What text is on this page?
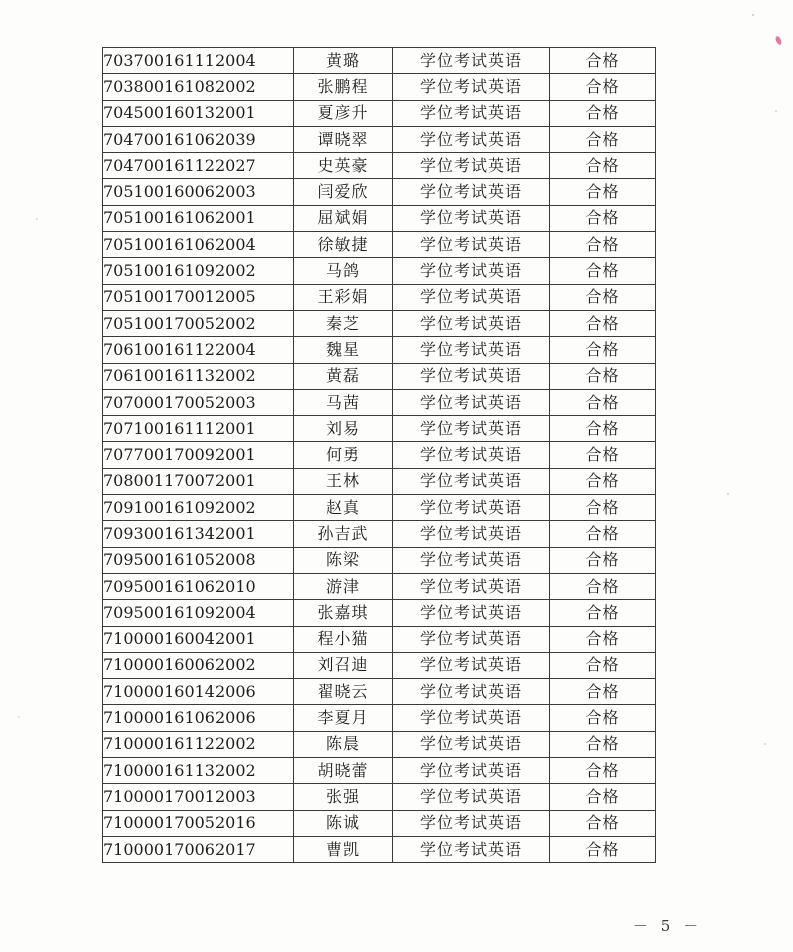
703700161112004	黄璐	学位考试英语	合格
703800161082002	张鹏程	学位考试英语	合格
704500160132001	夏彦升	学位考试英语	合格
704700161062039	谭晓翠	学位考试英语	合格
704700161122027	史英豪	学位考试英语	合格
705100160062003	闫爱欣	学位考试英语	合格
705100161062001	屈斌娟	学位考试英语	合格
705100161062004	徐敏捷	学位考试英语	合格
705100161092002	马鸽	学位考试英语	合格
705100170012005	王彩娟	学位考试英语	合格
705100170052002	秦芝	学位考试英语	合格
706100161122004	魏星	学位考试英语	合格
706100161132002	黄磊	学位考试英语	合格
707000170052003	马茜	学位考试英语	合格
707100161112001	刘易	学位考试英语	合格
707700170092001	何勇	学位考试英语	合格
708001170072001	王林	学位考试英语	合格
709100161092002	赵真	学位考试英语	合格
709300161342001	孙吉武	学位考试英语	合格
709500161052008	陈梁	学位考试英语	合格
709500161062010	游津	学位考试英语	合格
709500161092004	张嘉琪	学位考试英语	合格
710000160042001	程小猫	学位考试英语	合格
710000160062002	刘召迪	学位考试英语	合格
710000160142006	翟晓云	学位考试英语	合格
710000161062006	李夏月	学位考试英语	合格
710000161122002	陈晨	学位考试英语	合格
710000161132002	胡晓蕾	学位考试英语	合格
710000170012003	张强	学位考试英语	合格
710000170052016	陈诚	学位考试英语	合格
710000170062017	曹凯	学位考试英语	合格
－ 5 －
